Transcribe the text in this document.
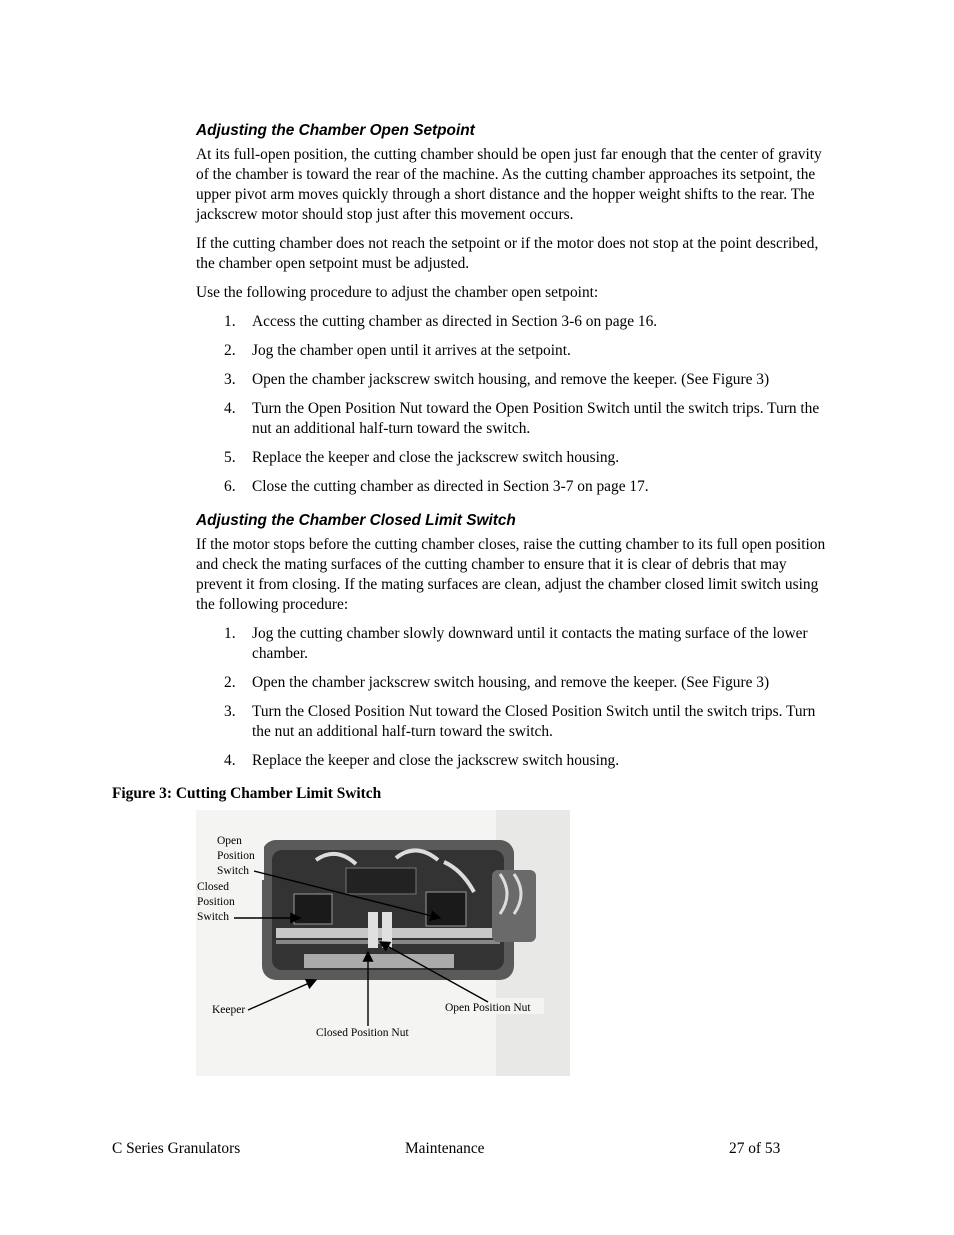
Adjusting the Chamber Open Setpoint

At its full-open position, the cutting chamber should be open just far enough that the center of gravity of the chamber is toward the rear of the machine. As the cutting chamber approaches its setpoint, the upper pivot arm moves quickly through a short distance and the hopper weight shifts to the rear. The jackscrew motor should stop just after this movement occurs.

If the cutting chamber does not reach the setpoint or if the motor does not stop at the point described, the chamber open setpoint must be adjusted.

Use the following procedure to adjust the chamber open setpoint:

1. Access the cutting chamber as directed in Section 3-6 on page 16.
2. Jog the chamber open until it arrives at the setpoint.
3. Open the chamber jackscrew switch housing, and remove the keeper. (See Figure 3)
4. Turn the Open Position Nut toward the Open Position Switch until the switch trips. Turn the nut an additional half-turn toward the switch.
5. Replace the keeper and close the jackscrew switch housing.
6. Close the cutting chamber as directed in Section 3-7 on page 17.
Adjusting the Chamber Closed Limit Switch

If the motor stops before the cutting chamber closes, raise the cutting chamber to its full open position and check the mating surfaces of the cutting chamber to ensure that it is clear of debris that may prevent it from closing. If the mating surfaces are clean, adjust the chamber closed limit switch using the following procedure:

1. Jog the cutting chamber slowly downward until it contacts the mating surface of the lower chamber.
2. Open the chamber jackscrew switch housing, and remove the keeper. (See Figure 3)
3. Turn the Closed Position Nut toward the Closed Position Switch until the switch trips. Turn the nut an additional half-turn toward the switch.
4. Replace the keeper and close the jackscrew switch housing.
Figure 3: Cutting Chamber Limit Switch
Open
Position
Switch
Closed
Position
Switch
Keeper
Closed Position Nut
Open Position Nut
C Series Granulators	Maintenance	27 of 53
